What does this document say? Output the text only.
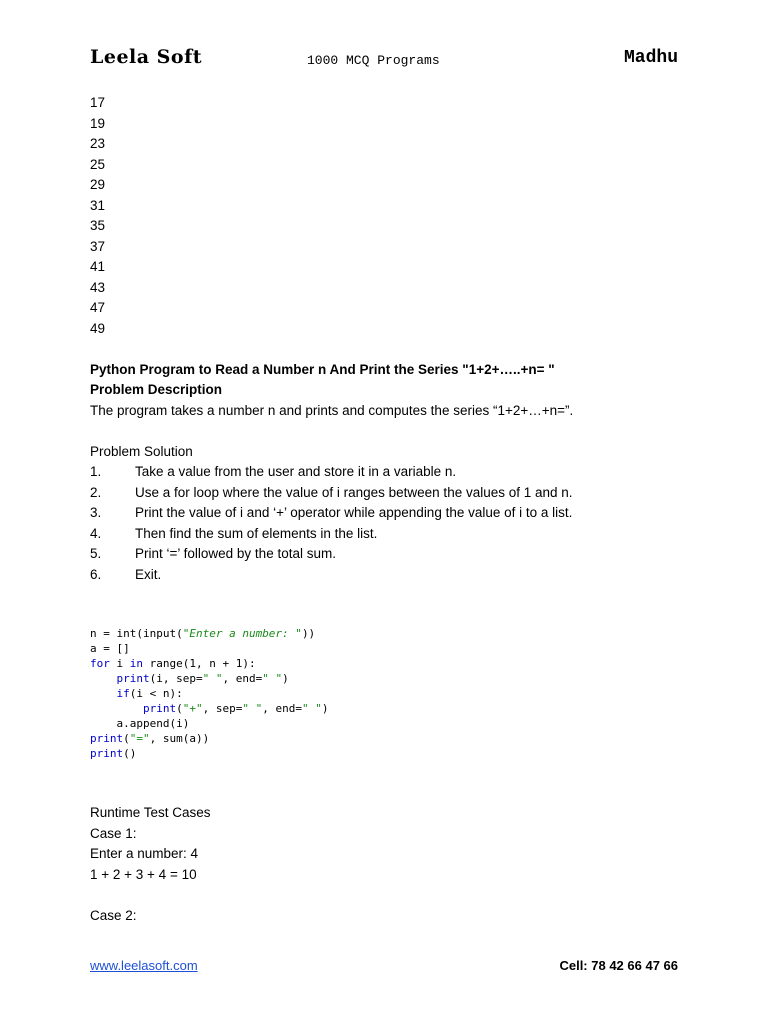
Leela Soft	1000 MCQ Programs	Madhu
17
19
23
25
29
31
35
37
41
43
47
49
Python Program to Read a Number n And Print the Series "1+2+…..+n= "
Problem Description
The program takes a number n and prints and computes the series “1+2+…+n=”.
Problem Solution
1. Take a value from the user and store it in a variable n.
2. Use a for loop where the value of i ranges between the values of 1 and n.
3. Print the value of i and ‘+’ operator while appending the value of i to a list.
4. Then find the sum of elements in the list.
5. Print ‘=’ followed by the total sum.
6. Exit.
n = int(input("Enter a number: "))
a = []
for i in range(1, n + 1):
print(i, sep=" ", end=" ")
if(i < n):
print("+", sep=" ", end=" ")
a.append(i)
print("=", sum(a))
print()
Runtime Test Cases
Case 1:
Enter a number: 4
1 + 2 + 3 + 4 = 10
Case 2:
www.leelasoft.com	Cell: 78 42 66 47 66
